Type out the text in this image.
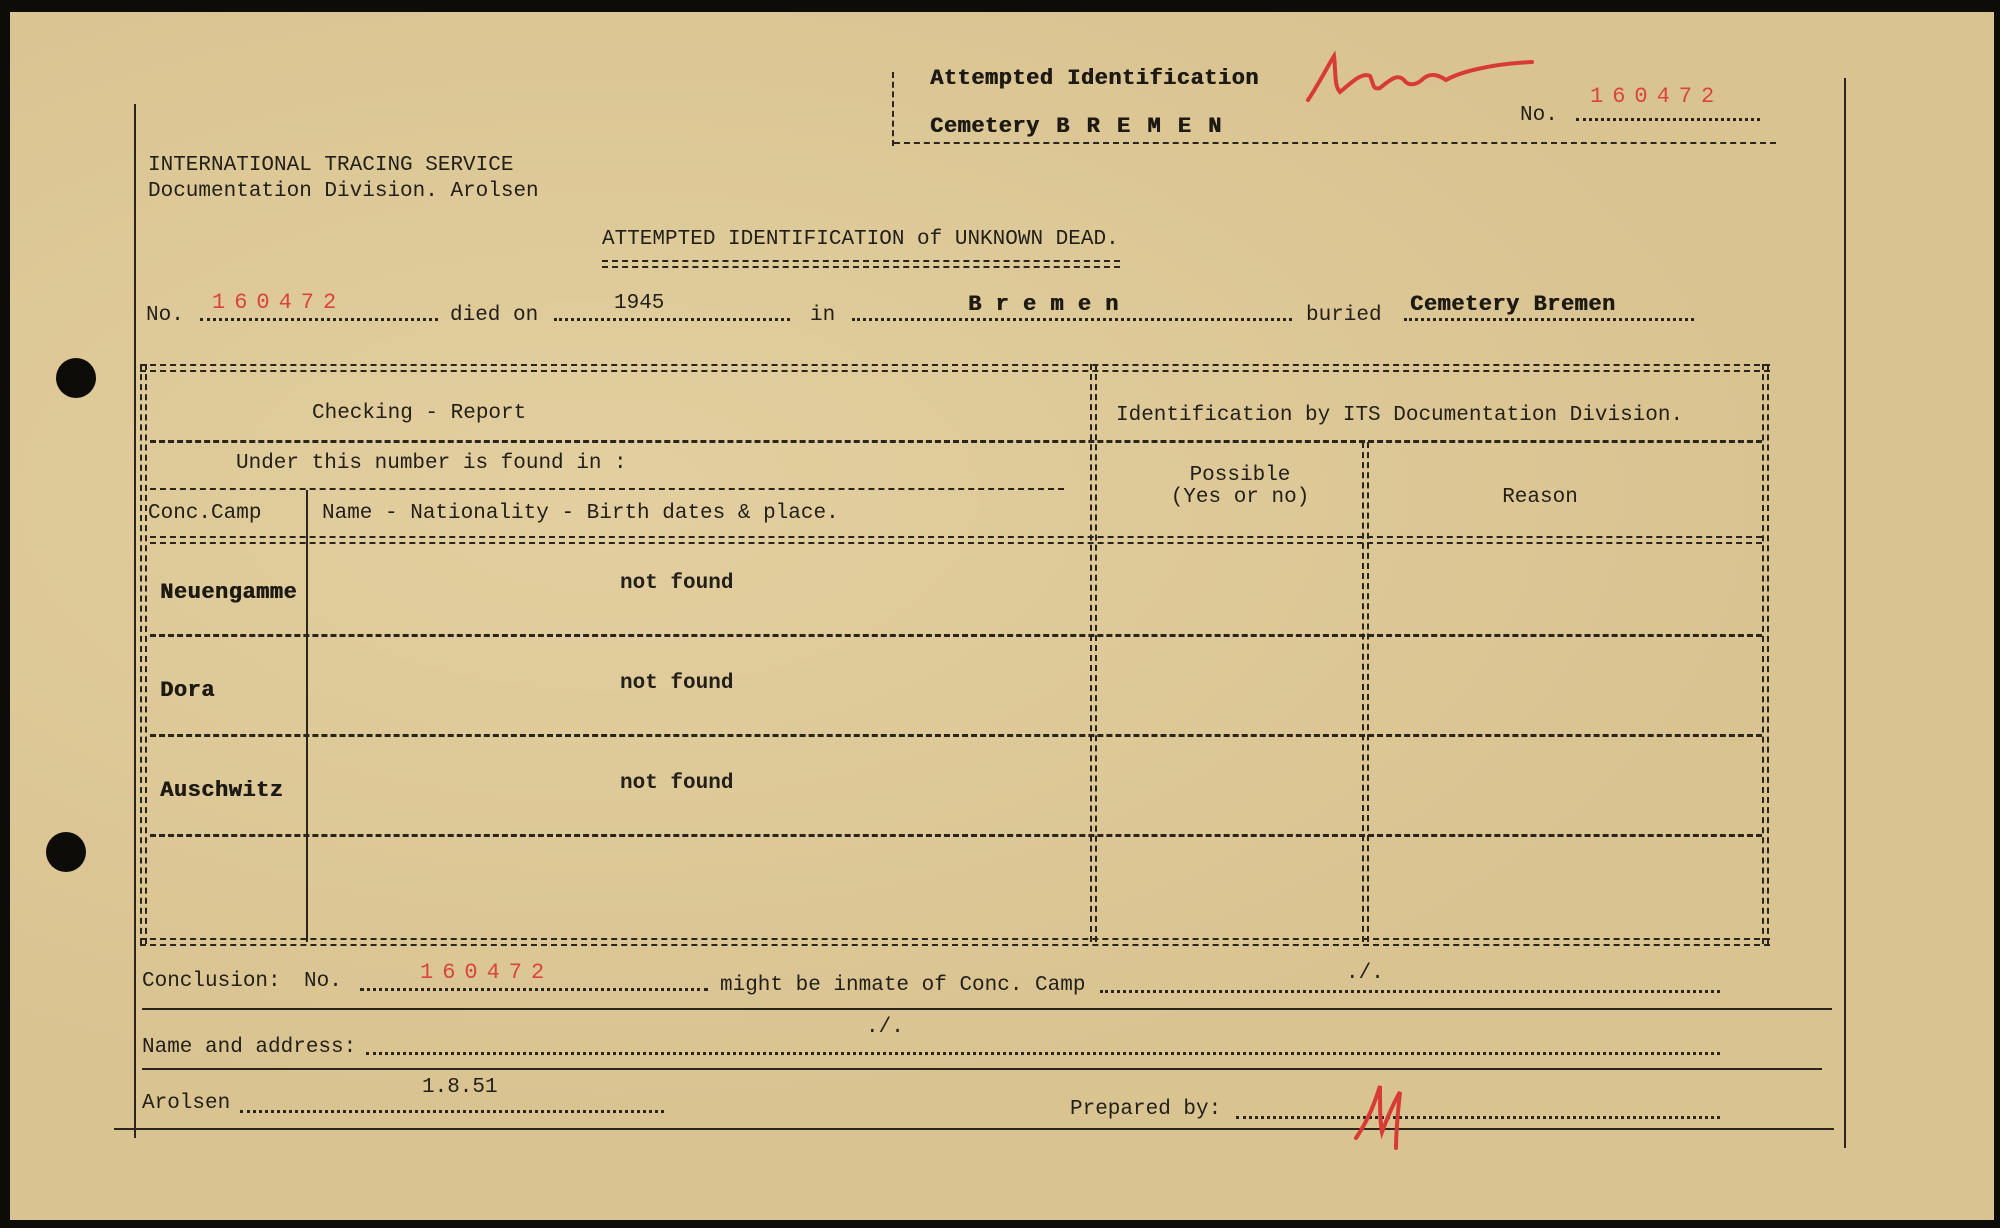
Attempted Identification
Cemetery B R E M E N	No.
160472
INTERNATIONAL TRACING SERVICE
Documentation Division. Arolsen
ATTEMPTED IDENTIFICATION of UNKNOWN DEAD.
No.
160472
died on
1945
in	B r e m e n	buried Cemetery Bremen
Checking - Report	Identification by ITS Documentation Division.
Under this number is found in :
Conc.Camp	Name - Nationality - Birth dates & place.
Possible
(Yes or no)	Reason
Neuengamme	not found
Dora	not found
Auschwitz	not found
Conclusion: No.	160472
might be inmate of Conc. Camp
./.
Name and address:
./.
Arolsen
1.8.51
Prepared by:
